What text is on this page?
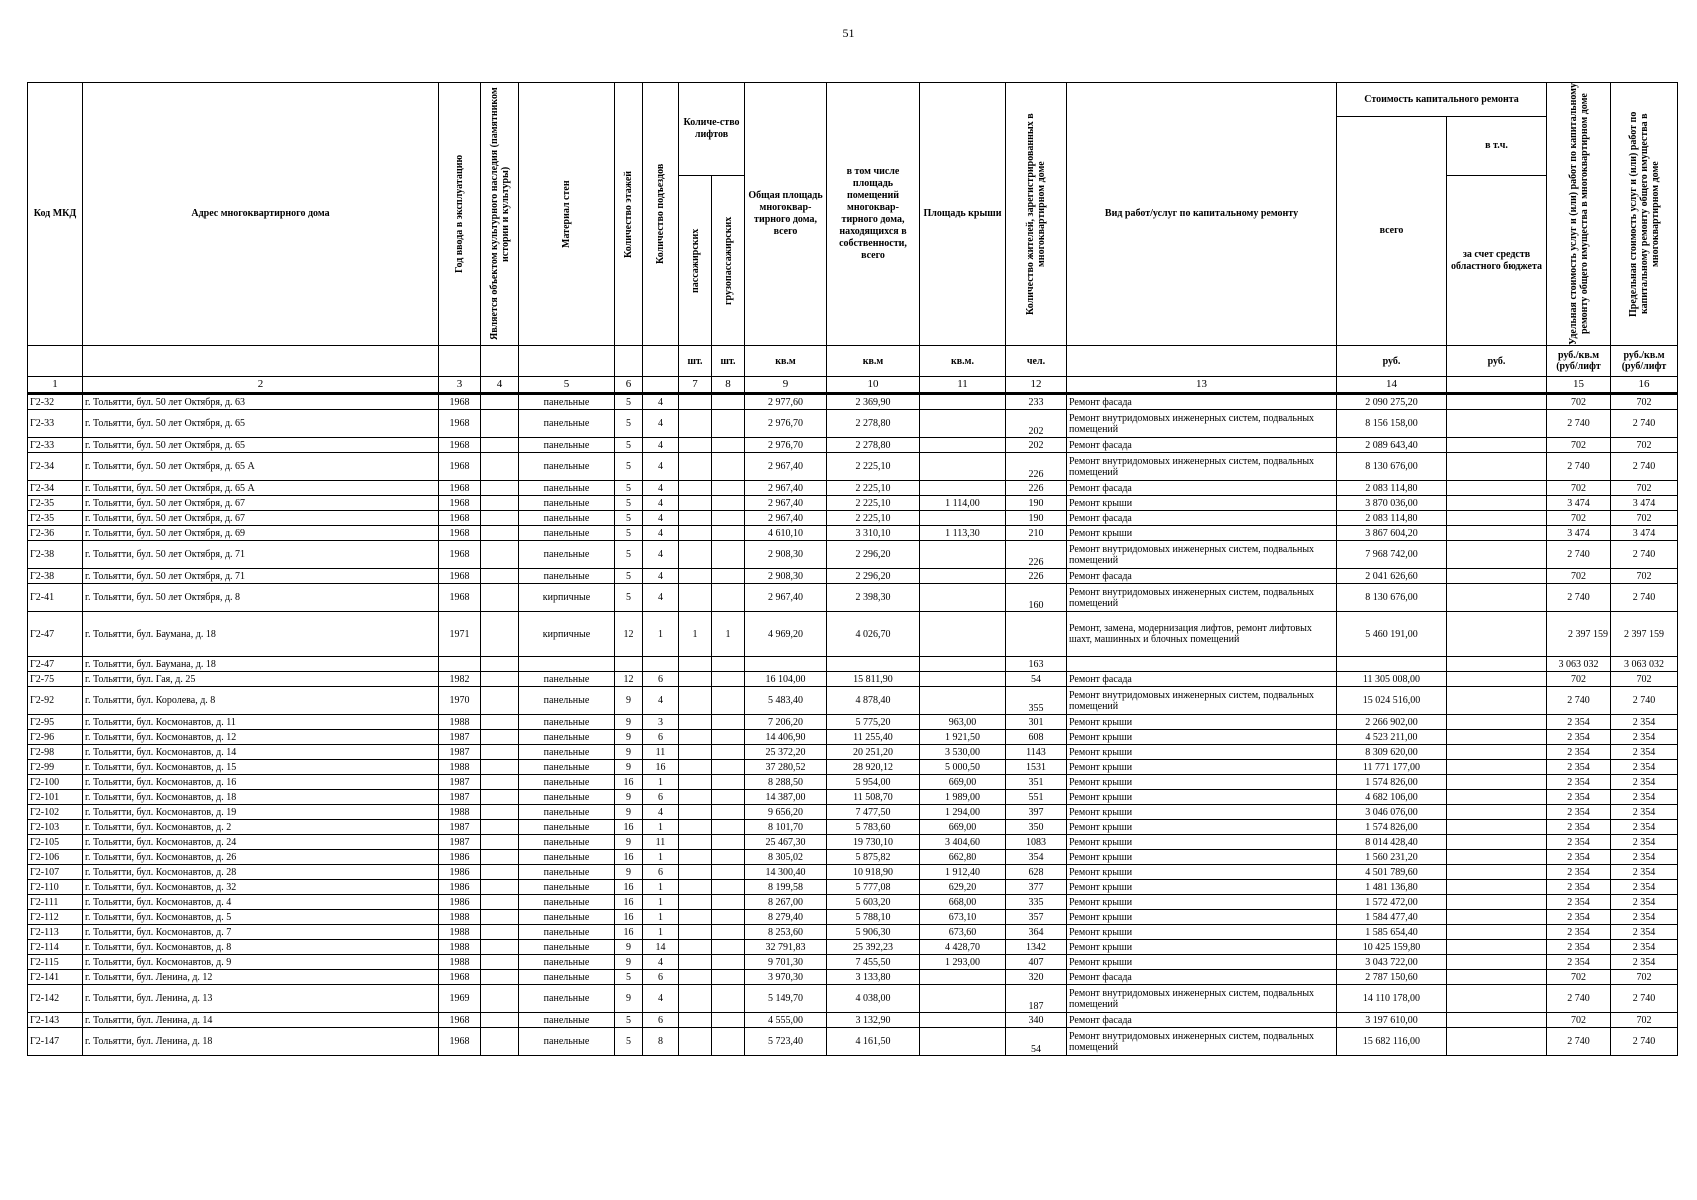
51
Код МКД	Адрес многоквартирного дома	Год ввода в эксплуатацию	Является объектом культурного наследия (памятником истории и культуры)	Материал стен	Количество этажей	Количество подъездов	Количе-ство лифтов		Общая площадь многоквар-тирного дома, всего	в том числе площадь помещений многоквар-тирного дома, находящихся в собственности, всего	Площадь крыши	Количество жителей, зарегистрированных в многоквартирном доме	Вид работ/услуг по капитальному ремонту	Стоимость капитального ремонта		Удельная стоимость услуг и (или) работ по капитальному ремонту общего имущества в многоквартирном доме	Предельная стоимость услуг и (или) работ по капитальному ремонту общего имущества в многоквартирном доме

														всего	в т.ч.		

							пассажирских	грузопассажирских							за счет средств областного бюджета		
							шт.	шт.	кв.м	кв.м	кв.м.	чел.		руб.	руб.	руб./кв.м (руб/лифт	руб./кв.м (руб/лифт
1	2	3	4	5	6		7	8	9	10	11	12	13	14		15	16
Г2-32	г. Тольятти, бул. 50 лет Октября, д. 63	1968		панельные	5	4			2 977,60	2 369,90		233	Ремонт фасада	2 090 275,20		702	702
Г2-33	г. Тольятти, бул. 50 лет Октября, д. 65	1968		панельные	5	4			2 976,70	2 278,80		202	Ремонт внутридомовых инженерных систем, подвальных помещений	8 156 158,00		2 740	2 740
Г2-33	г. Тольятти, бул. 50 лет Октября, д. 65	1968		панельные	5	4			2 976,70	2 278,80		202	Ремонт фасада	2 089 643,40		702	702
Г2-34	г. Тольятти, бул. 50 лет Октября, д. 65 А	1968		панельные	5	4			2 967,40	2 225,10		226	Ремонт внутридомовых инженерных систем, подвальных помещений	8 130 676,00		2 740	2 740
Г2-34	г. Тольятти, бул. 50 лет Октября, д. 65 А	1968		панельные	5	4			2 967,40	2 225,10		226	Ремонт фасада	2 083 114,80		702	702
Г2-35	г. Тольятти, бул. 50 лет Октября, д. 67	1968		панельные	5	4			2 967,40	2 225,10	1 114,00	190	Ремонт крыши	3 870 036,00		3 474	3 474
Г2-35	г. Тольятти, бул. 50 лет Октября, д. 67	1968		панельные	5	4			2 967,40	2 225,10		190	Ремонт фасада	2 083 114,80		702	702
Г2-36	г. Тольятти, бул. 50 лет Октября, д. 69	1968		панельные	5	4			4 610,10	3 310,10	1 113,30	210	Ремонт крыши	3 867 604,20		3 474	3 474
Г2-38	г. Тольятти, бул. 50 лет Октября, д. 71	1968		панельные	5	4			2 908,30	2 296,20		226	Ремонт внутридомовых инженерных систем, подвальных помещений	7 968 742,00		2 740	2 740
Г2-38	г. Тольятти, бул. 50 лет Октября, д. 71	1968		панельные	5	4			2 908,30	2 296,20		226	Ремонт фасада	2 041 626,60		702	702
Г2-41	г. Тольятти, бул. 50 лет Октября, д. 8	1968		кирпичные	5	4			2 967,40	2 398,30		160	Ремонт внутридомовых инженерных систем, подвальных помещений	8 130 676,00		2 740	2 740
Г2-47	г. Тольятти, бул. Баумана, д. 18	1971		кирпичные	12	1	1	1	4 969,20	4 026,70			Ремонт, замена, модернизация лифтов, ремонт лифтовых шахт, машинных и блочных помещений	5 460 191,00		2 397 159	2 397 159
Г2-47	г. Тольятти, бул. Баумана, д. 18											163				3 063 032	3 063 032
Г2-75	г. Тольятти, бул. Гая, д. 25	1982		панельные	12	6			16 104,00	15 811,90		54	Ремонт фасада	11 305 008,00		702	702
Г2-92	г. Тольятти, бул. Королева, д. 8	1970		панельные	9	4			5 483,40	4 878,40		355	Ремонт внутридомовых инженерных систем, подвальных помещений	15 024 516,00		2 740	2 740
Г2-95	г. Тольятти, бул. Космонавтов, д. 11	1988		панельные	9	3			7 206,20	5 775,20	963,00	301	Ремонт крыши	2 266 902,00		2 354	2 354
Г2-96	г. Тольятти, бул. Космонавтов, д. 12	1987		панельные	9	6			14 406,90	11 255,40	1 921,50	608	Ремонт крыши	4 523 211,00		2 354	2 354
Г2-98	г. Тольятти, бул. Космонавтов, д. 14	1987		панельные	9	11			25 372,20	20 251,20	3 530,00	1143	Ремонт крыши	8 309 620,00		2 354	2 354
Г2-99	г. Тольятти, бул. Космонавтов, д. 15	1988		панельные	9	16			37 280,52	28 920,12	5 000,50	1531	Ремонт крыши	11 771 177,00		2 354	2 354
Г2-100	г. Тольятти, бул. Космонавтов, д. 16	1987		панельные	16	1			8 288,50	5 954,00	669,00	351	Ремонт крыши	1 574 826,00		2 354	2 354
Г2-101	г. Тольятти, бул. Космонавтов, д. 18	1987		панельные	9	6			14 387,00	11 508,70	1 989,00	551	Ремонт крыши	4 682 106,00		2 354	2 354
Г2-102	г. Тольятти, бул. Космонавтов, д. 19	1988		панельные	9	4			9 656,20	7 477,50	1 294,00	397	Ремонт крыши	3 046 076,00		2 354	2 354
Г2-103	г. Тольятти, бул. Космонавтов, д. 2	1987		панельные	16	1			8 101,70	5 783,60	669,00	350	Ремонт крыши	1 574 826,00		2 354	2 354
Г2-105	г. Тольятти, бул. Космонавтов, д. 24	1987		панельные	9	11			25 467,30	19 730,10	3 404,60	1083	Ремонт крыши	8 014 428,40		2 354	2 354
Г2-106	г. Тольятти, бул. Космонавтов, д. 26	1986		панельные	16	1			8 305,02	5 875,82	662,80	354	Ремонт крыши	1 560 231,20		2 354	2 354
Г2-107	г. Тольятти, бул. Космонавтов, д. 28	1986		панельные	9	6			14 300,40	10 918,90	1 912,40	628	Ремонт крыши	4 501 789,60		2 354	2 354
Г2-110	г. Тольятти, бул. Космонавтов, д. 32	1986		панельные	16	1			8 199,58	5 777,08	629,20	377	Ремонт крыши	1 481 136,80		2 354	2 354
Г2-111	г. Тольятти, бул. Космонавтов, д. 4	1986		панельные	16	1			8 267,00	5 603,20	668,00	335	Ремонт крыши	1 572 472,00		2 354	2 354
Г2-112	г. Тольятти, бул. Космонавтов, д. 5	1988		панельные	16	1			8 279,40	5 788,10	673,10	357	Ремонт крыши	1 584 477,40		2 354	2 354
Г2-113	г. Тольятти, бул. Космонавтов, д. 7	1988		панельные	16	1			8 253,60	5 906,30	673,60	364	Ремонт крыши	1 585 654,40		2 354	2 354
Г2-114	г. Тольятти, бул. Космонавтов, д. 8	1988		панельные	9	14			32 791,83	25 392,23	4 428,70	1342	Ремонт крыши	10 425 159,80		2 354	2 354
Г2-115	г. Тольятти, бул. Космонавтов, д. 9	1988		панельные	9	4			9 701,30	7 455,50	1 293,00	407	Ремонт крыши	3 043 722,00		2 354	2 354
Г2-141	г. Тольятти, бул. Ленина, д. 12	1968		панельные	5	6			3 970,30	3 133,80		320	Ремонт фасада	2 787 150,60		702	702
Г2-142	г. Тольятти, бул. Ленина, д. 13	1969		панельные	9	4			5 149,70	4 038,00		187	Ремонт внутридомовых инженерных систем, подвальных помещений	14 110 178,00		2 740	2 740
Г2-143	г. Тольятти, бул. Ленина, д. 14	1968		панельные	5	6			4 555,00	3 132,90		340	Ремонт фасада	3 197 610,00		702	702
Г2-147	г. Тольятти, бул. Ленина, д. 18	1968		панельные	5	8			5 723,40	4 161,50		54	Ремонт внутридомовых инженерных систем, подвальных помещений	15 682 116,00		2 740	2 740
